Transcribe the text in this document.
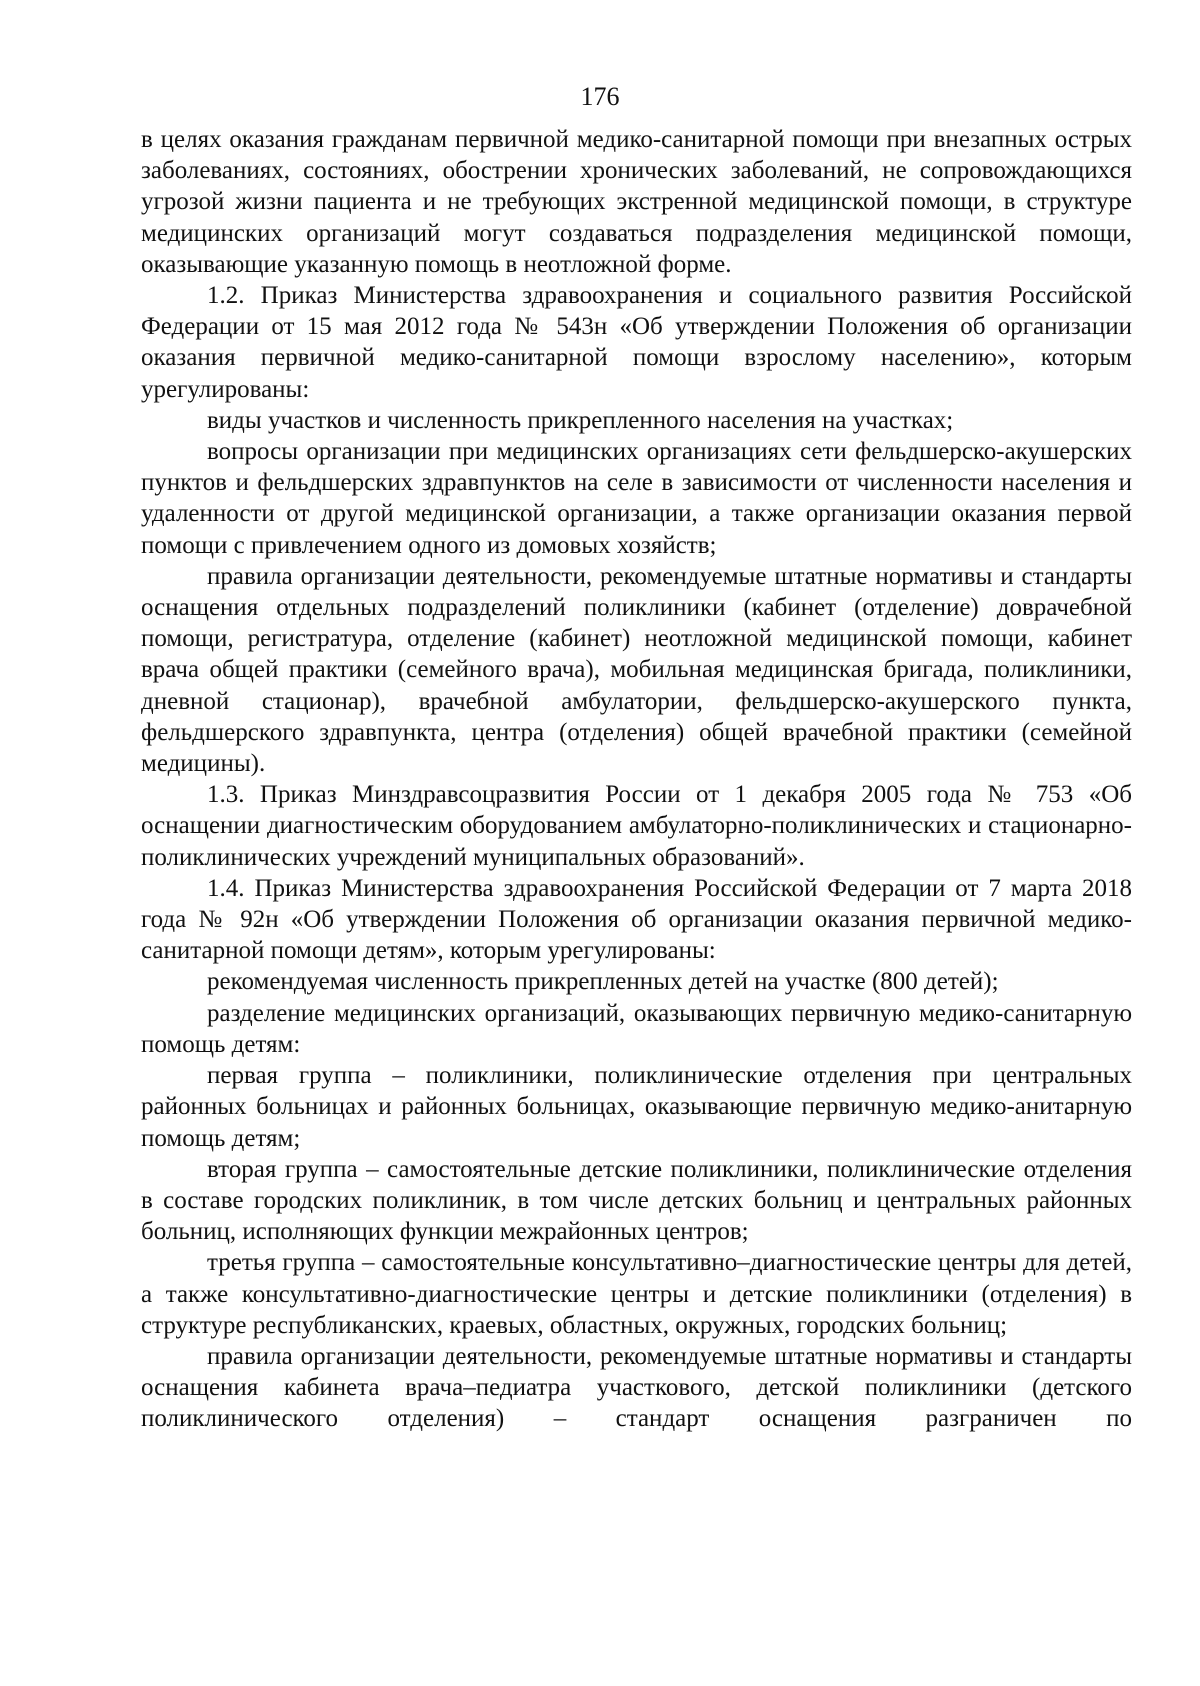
176

в целях оказания гражданам первичной медико-санитарной помощи при внезапных острых заболеваниях, состояниях, обострении хронических заболеваний, не сопровождающихся угрозой жизни пациента и не требующих экстренной медицинской помощи, в структуре медицинских организаций могут создаваться подразделения медицинской помощи, оказывающие указанную помощь в неотложной форме.

1.2. Приказ Министерства здравоохранения и социального развития Российской Федерации от 15 мая 2012 года № 543н «Об утверждении Положения об организации оказания первичной медико-санитарной помощи взрослому населению», которым урегулированы:

виды участков и численность прикрепленного населения на участках;

вопросы организации при медицинских организациях сети фельдшерско-акушерских пунктов и фельдшерских здравпунктов на селе в зависимости от численности населения и удаленности от другой медицинской организации, а также организации оказания первой помощи с привлечением одного из домовых хозяйств;

правила организации деятельности, рекомендуемые штатные нормативы и стандарты оснащения отдельных подразделений поликлиники (кабинет (отделение) доврачебной помощи, регистратура, отделение (кабинет) неотложной медицинской помощи, кабинет врача общей практики (семейного врача), мобильная медицинская бригада, поликлиники, дневной стационар), врачебной амбулатории, фельдшерско-акушерского пункта, фельдшерского здравпункта, центра (отделения) общей врачебной практики (семейной медицины).

1.3. Приказ Минздравсоцразвития России от 1 декабря 2005 года № 753 «Об оснащении диагностическим оборудованием амбулаторно-поликлинических и стационарно-поликлинических учреждений муниципальных образований».

1.4. Приказ Министерства здравоохранения Российской Федерации от 7 марта 2018 года № 92н «Об утверждении Положения об организации оказания первичной медико-санитарной помощи детям», которым урегулированы:

рекомендуемая численность прикрепленных детей на участке (800 детей);

разделение медицинских организаций, оказывающих первичную медико-санитарную помощь детям:

первая группа – поликлиники, поликлинические отделения при центральных районных больницах и районных больницах, оказывающие первичную медико-анитарную помощь детям;

вторая группа – самостоятельные детские поликлиники, поликлинические отделения в составе городских поликлиник, в том числе детских больниц и центральных районных больниц, исполняющих функции межрайонных центров;

третья группа – самостоятельные консультативно–диагностические центры для детей, а также консультативно-диагностические центры и детские поликлиники (отделения) в структуре республиканских, краевых, областных, окружных, городских больниц;

правила организации деятельности, рекомендуемые штатные нормативы и стандарты оснащения кабинета врача–педиатра участкового, детской поликлиники (детского поликлинического отделения) – стандарт оснащения разграничен по
